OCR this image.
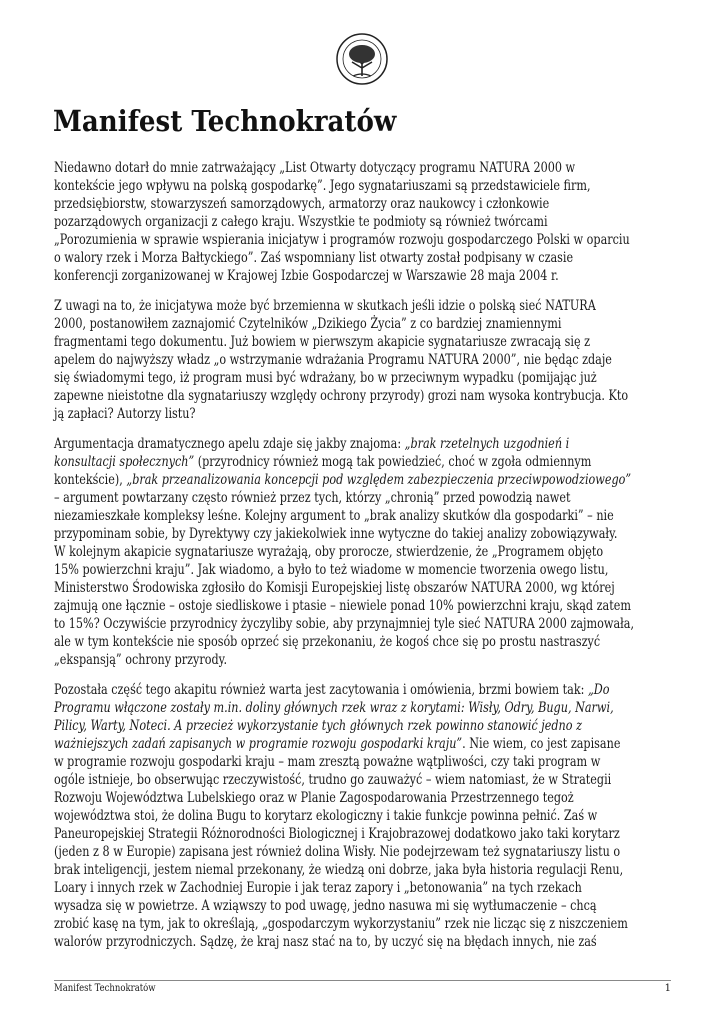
Manifest Technokratów
Niedawno dotarł do mnie zatrważający „List Otwarty dotyczący programu NATURA 2000 w
kontekście jego wpływu na polską gospodarkę”. Jego sygnatariuszami są przedstawiciele firm,
przedsiębiorstw, stowarzyszeń samorządowych, armatorzy oraz naukowcy i członkowie
pozarządowych organizacji z całego kraju. Wszystkie te podmioty są również twórcami
„Porozumienia w sprawie wspierania inicjatyw i programów rozwoju gospodarczego Polski w oparciu
o walory rzek i Morza Bałtyckiego”. Zaś wspomniany list otwarty został podpisany w czasie
konferencji zorganizowanej w Krajowej Izbie Gospodarczej w Warszawie 28 maja 2004 r.
Z uwagi na to, że inicjatywa może być brzemienna w skutkach jeśli idzie o polską sieć NATURA
2000, postanowiłem zaznajomić Czytelników „Dzikiego Życia” z co bardziej znamiennymi
fragmentami tego dokumentu. Już bowiem w pierwszym akapicie sygnatariusze zwracają się z
apelem do najwyższy władz „o wstrzymanie wdrażania Programu NATURA 2000”, nie będąc zdaje
się świadomymi tego, iż program musi być wdrażany, bo w przeciwnym wypadku (pomijając już
zapewne nieistotne dla sygnatariuszy względy ochrony przyrody) grozi nam wysoka kontrybucja. Kto
ją zapłaci? Autorzy listu?
Argumentacja dramatycznego apelu zdaje się jakby znajoma: „brak rzetelnych uzgodnień i
konsultacji społecznych” (przyrodnicy również mogą tak powiedzieć, choć w zgoła odmiennym
kontekście), „brak przeanalizowania koncepcji pod względem zabezpieczenia przeciwpowodziowego”
– argument powtarzany często również przez tych, którzy „chronią” przed powodzią nawet
niezamieszkałe kompleksy leśne. Kolejny argument to „brak analizy skutków dla gospodarki” – nie
przypominam sobie, by Dyrektywy czy jakiekolwiek inne wytyczne do takiej analizy zobowiązywały.
W kolejnym akapicie sygnatariusze wyrażają, oby prorocze, stwierdzenie, że „Programem objęto
15% powierzchni kraju”. Jak wiadomo, a było to też wiadome w momencie tworzenia owego listu,
Ministerstwo Środowiska zgłosiło do Komisji Europejskiej listę obszarów NATURA 2000, wg której
zajmują one łącznie – ostoje siedliskowe i ptasie – niewiele ponad 10% powierzchni kraju, skąd zatem
to 15%? Oczywiście przyrodnicy życzyliby sobie, aby przynajmniej tyle sieć NATURA 2000 zajmowała,
ale w tym kontekście nie sposób oprzeć się przekonaniu, że kogoś chce się po prostu nastraszyć
„ekspansją” ochrony przyrody.
Pozostała część tego akapitu również warta jest zacytowania i omówienia, brzmi bowiem tak: „Do
Programu włączone zostały m.in. doliny głównych rzek wraz z korytami: Wisły, Odry, Bugu, Narwi,
Pilicy, Warty, Noteci. A przecież wykorzystanie tych głównych rzek powinno stanowić jedno z
ważniejszych zadań zapisanych w programie rozwoju gospodarki kraju”. Nie wiem, co jest zapisane
w programie rozwoju gospodarki kraju – mam zresztą poważne wątpliwości, czy taki program w
ogóle istnieje, bo obserwując rzeczywistość, trudno go zauważyć – wiem natomiast, że w Strategii
Rozwoju Województwa Lubelskiego oraz w Planie Zagospodarowania Przestrzennego tegoż
województwa stoi, że dolina Bugu to korytarz ekologiczny i takie funkcje powinna pełnić. Zaś w
Paneuropejskiej Strategii Różnorodności Biologicznej i Krajobrazowej dodatkowo jako taki korytarz
(jeden z 8 w Europie) zapisana jest również dolina Wisły. Nie podejrzewam też sygnatariuszy listu o
brak inteligencji, jestem niemal przekonany, że wiedzą oni dobrze, jaka była historia regulacji Renu,
Loary i innych rzek w Zachodniej Europie i jak teraz zapory i „betonowania” na tych rzekach
wysadza się w powietrze. A wziąwszy to pod uwagę, jedno nasuwa mi się wytłumaczenie – chcą
zrobić kasę na tym, jak to określają, „gospodarczym wykorzystaniu” rzek nie licząc się z niszczeniem
walorów przyrodniczych. Sądzę, że kraj nasz stać na to, by uczyć się na błędach innych, nie zaś
Manifest Technokratów	1
